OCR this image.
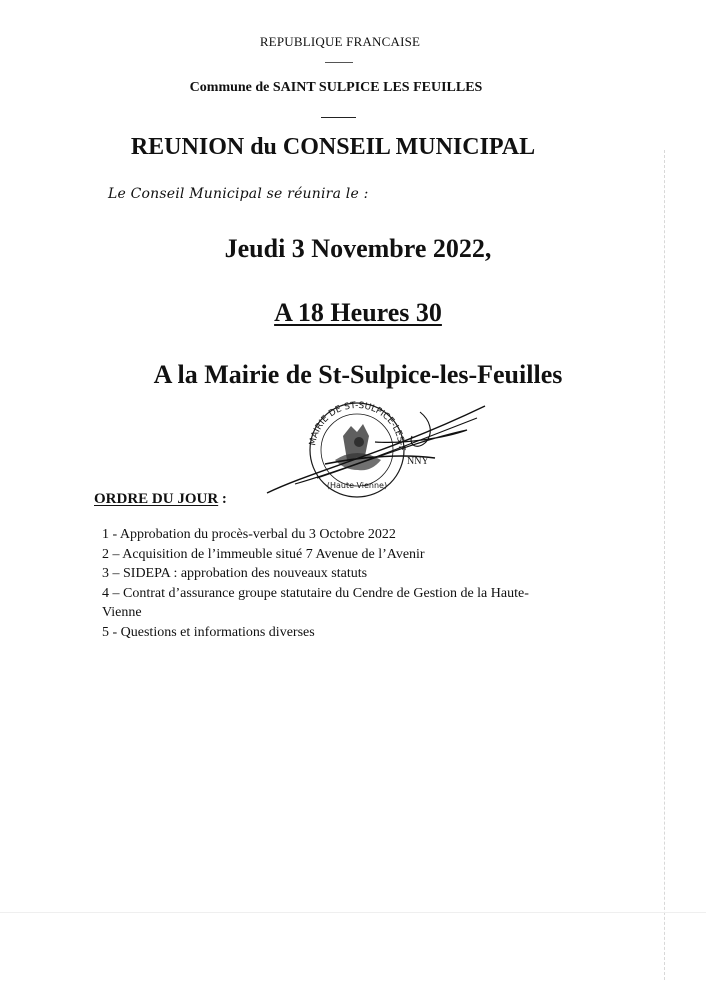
REPUBLIQUE FRANCAISE
Commune de SAINT SULPICE LES FEUILLES
REUNION du CONSEIL MUNICIPAL
Le Conseil Municipal se réunira le :
Jeudi 3 Novembre 2022,
A 18 Heures 30
A la Mairie de St-Sulpice-les-Feuilles
MAIRIE DE ST-SULPICE-LES-F
(Haute-Vienne)
NNY
ORDRE DU JOUR :
1 - Approbation du procès-verbal du 3 Octobre 2022
2 – Acquisition de l’immeuble situé 7 Avenue de l’Avenir
3 – SIDEPA : approbation des nouveaux statuts
4 – Contrat d’assurance groupe statutaire du Cendre de Gestion de la Haute-
Vienne
5 - Questions et informations diverses
